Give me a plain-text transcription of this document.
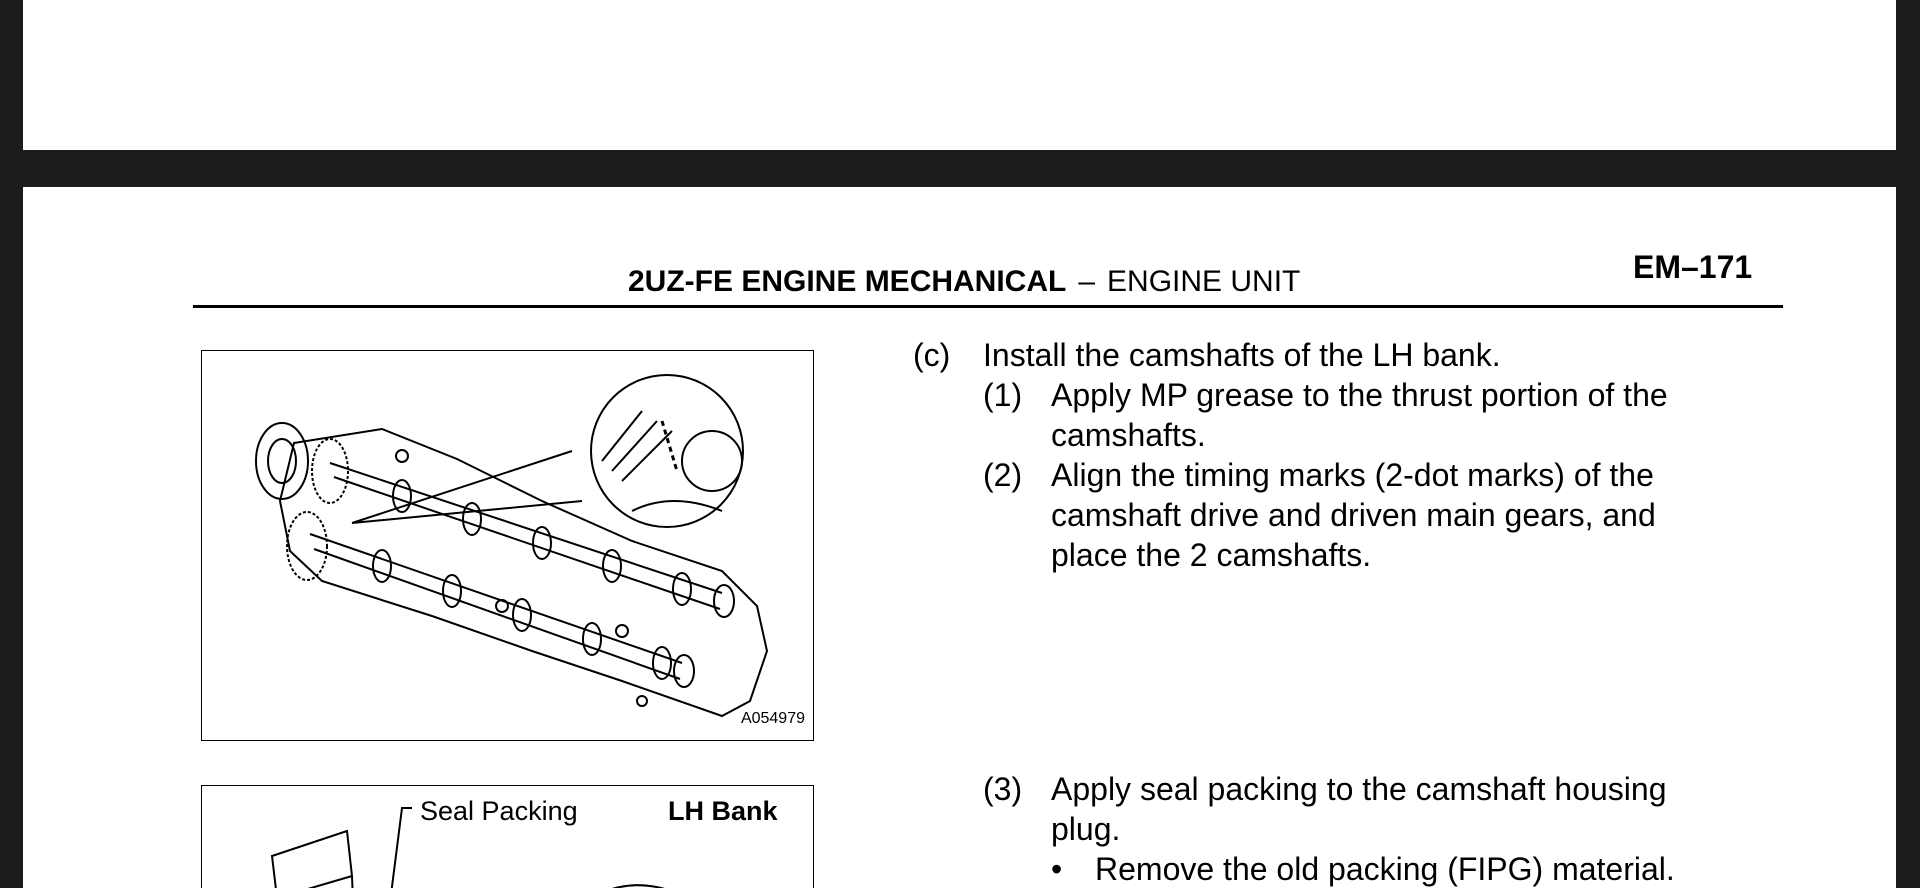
2UZ-FE ENGINE MECHANICAL – ENGINE UNIT	EM–171
A054979
Seal Packing	LH Bank
(c) Install the camshafts of the LH bank.
(1) Apply MP grease to the thrust portion of the
camshafts.
(2) Align the timing marks (2-dot marks) of the
camshaft drive and driven main gears, and
place the 2 camshafts.
(3) Apply seal packing to the camshaft housing
plug.
• Remove the old packing (FIPG) material.
